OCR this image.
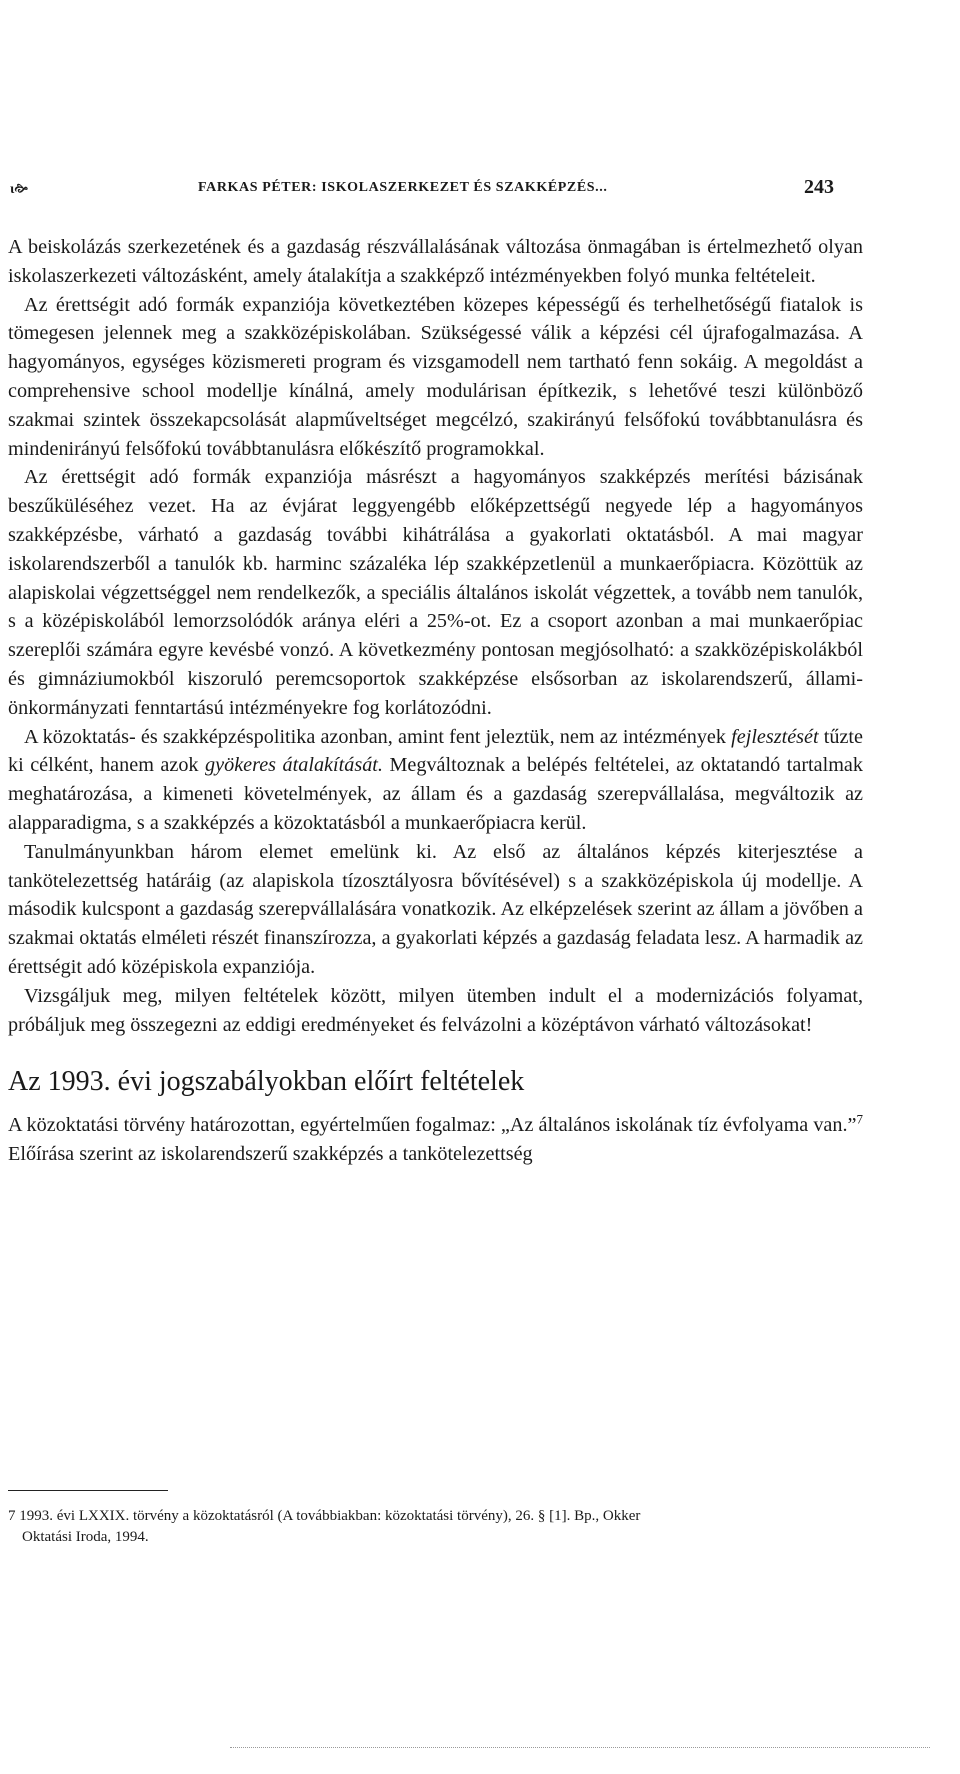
ɩ🙚	FARKAS PÉTER: ISKOLASZERKEZET ÉS SZAKKÉPZÉS...	243

A beiskolázás szerkezetének és a gazdaság részvállalásának változása önmagában is értelmezhető olyan iskolaszerkezeti változásként, amely átalakítja a szakképző intézményekben folyó munka feltételeit.

Az érettségit adó formák expanziója következtében közepes képességű és terhelhetőségű fiatalok is tömegesen jelennek meg a szakközépiskolában. Szükségessé válik a képzési cél újrafogalmazása. A hagyományos, egységes közismereti program és vizsgamodell nem tartható fenn sokáig. A megoldást a comprehensive school modellje kínálná, amely modulárisan építkezik, s lehetővé teszi különböző szakmai szintek összekapcsolását alapműveltséget megcélzó, szakirányú felsőfokú továbbtanulásra és mindenirányú felsőfokú továbbtanulásra előkészítő programokkal.

Az érettségit adó formák expanziója másrészt a hagyományos szakképzés merítési bázisának beszűküléséhez vezet. Ha az évjárat leggyengébb előképzettségű negyede lép a hagyományos szakképzésbe, várható a gazdaság további kihátrálása a gyakorlati oktatásból. A mai magyar iskolarendszerből a tanulók kb. harminc százaléka lép szakképzetlenül a munkaerőpiacra. Közöttük az alapiskolai végzettséggel nem rendelkezők, a speciális általános iskolát végzettek, a tovább nem tanulók, s a középiskolából lemorzsolódók aránya eléri a 25%-ot. Ez a csoport azonban a mai munkaerőpiac szereplői számára egyre kevésbé vonzó. A következmény pontosan megjósolható: a szakközépiskolákból és gimnáziumokból kiszoruló peremcsoportok szakképzése elsősorban az iskolarendszerű, állami-önkormányzati fenntartású intézményekre fog korlátozódni.

A közoktatás- és szakképzéspolitika azonban, amint fent jeleztük, nem az intézmények fejlesztését tűzte ki célként, hanem azok gyökeres átalakítását. Megváltoznak a belépés feltételei, az oktatandó tartalmak meghatározása, a kimeneti követelmények, az állam és a gazdaság szerepvállalása, megváltozik az alapparadigma, s a szakképzés a közoktatásból a munkaerőpiacra kerül.

Tanulmányunkban három elemet emelünk ki. Az első az általános képzés kiterjesztése a tankötelezettség határáig (az alapiskola tízosztályosra bővítésével) s a szakközépiskola új modellje. A második kulcspont a gazdaság szerepvállalására vonatkozik. Az elképzelések szerint az állam a jövőben a szakmai oktatás elméleti részét finanszírozza, a gyakorlati képzés a gazdaság feladata lesz. A harmadik az érettségit adó középiskola expanziója.

Vizsgáljuk meg, milyen feltételek között, milyen ütemben indult el a modernizációs folyamat, próbáljuk meg összegezni az eddigi eredményeket és felvázolni a középtávon várható változásokat!

Az 1993. évi jogszabályokban előírt feltételek

A közoktatási törvény határozottan, egyértelműen fogalmaz: „Az általános iskolának tíz évfolyama van.”$^7$ Előírása szerint az iskolarendszerű szakképzés a tankötelezettség

7 1993. évi LXXIX. törvény a közoktatásról (A továbbiakban: közoktatási törvény), 26. § [1]. Bp., Okker
Oktatási Iroda, 1994.
